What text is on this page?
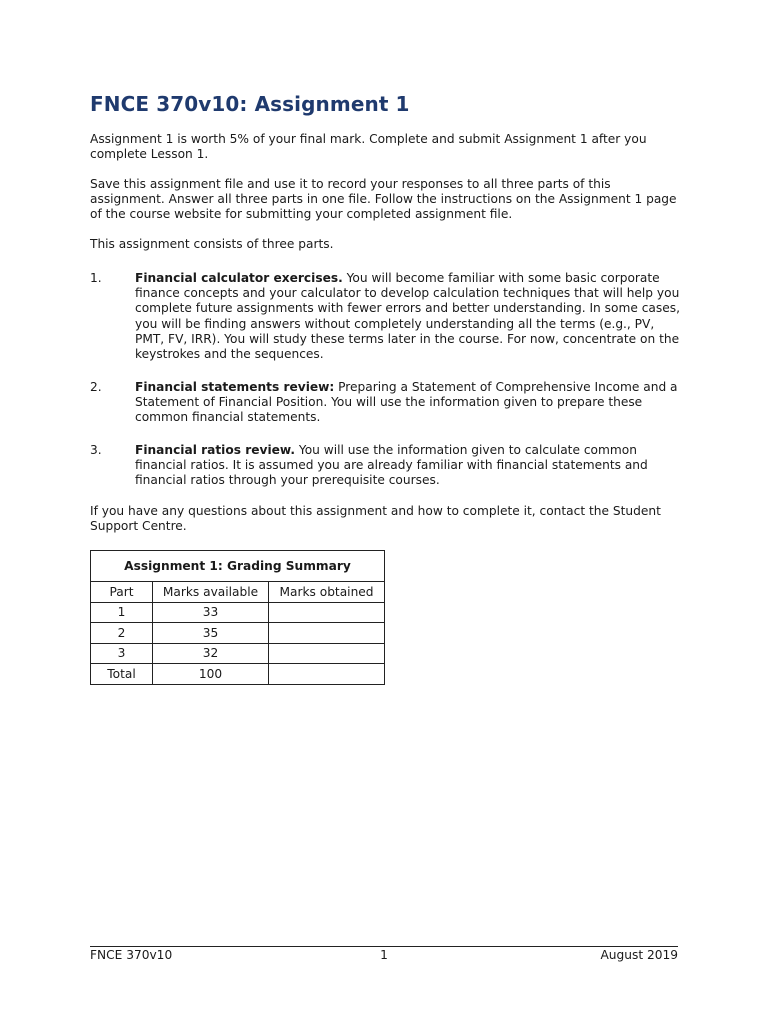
FNCE 370v10: Assignment 1

Assignment 1 is worth 5% of your final mark. Complete and submit Assignment 1 after you complete Lesson 1.

Save this assignment file and use it to record your responses to all three parts of this assignment. Answer all three parts in one file. Follow the instructions on the Assignment 1 page of the course website for submitting your completed assignment file.

This assignment consists of three parts.

1.	Financial calculator exercises. You will become familiar with some basic corporate finance concepts and your calculator to develop calculation techniques that will help you complete future assignments with fewer errors and better understanding. In some cases, you will be finding answers without completely understanding all the terms (e.g., PV, PMT, FV, IRR). You will study these terms later in the course. For now, concentrate on the keystrokes and the sequences.
2.	Financial statements review: Preparing a Statement of Comprehensive Income and a Statement of Financial Position. You will use the information given to prepare these common financial statements.
3.	Financial ratios review. You will use the information given to calculate common financial ratios. It is assumed you are already familiar with financial statements and financial ratios through your prerequisite courses.

If you have any questions about this assignment and how to complete it, contact the Student Support Centre.

Assignment 1: Grading Summary		
Part	Marks available	Marks obtained
1	33	
2	35	
3	32	
Total	100	
FNCE 370v10	1	August 2019
